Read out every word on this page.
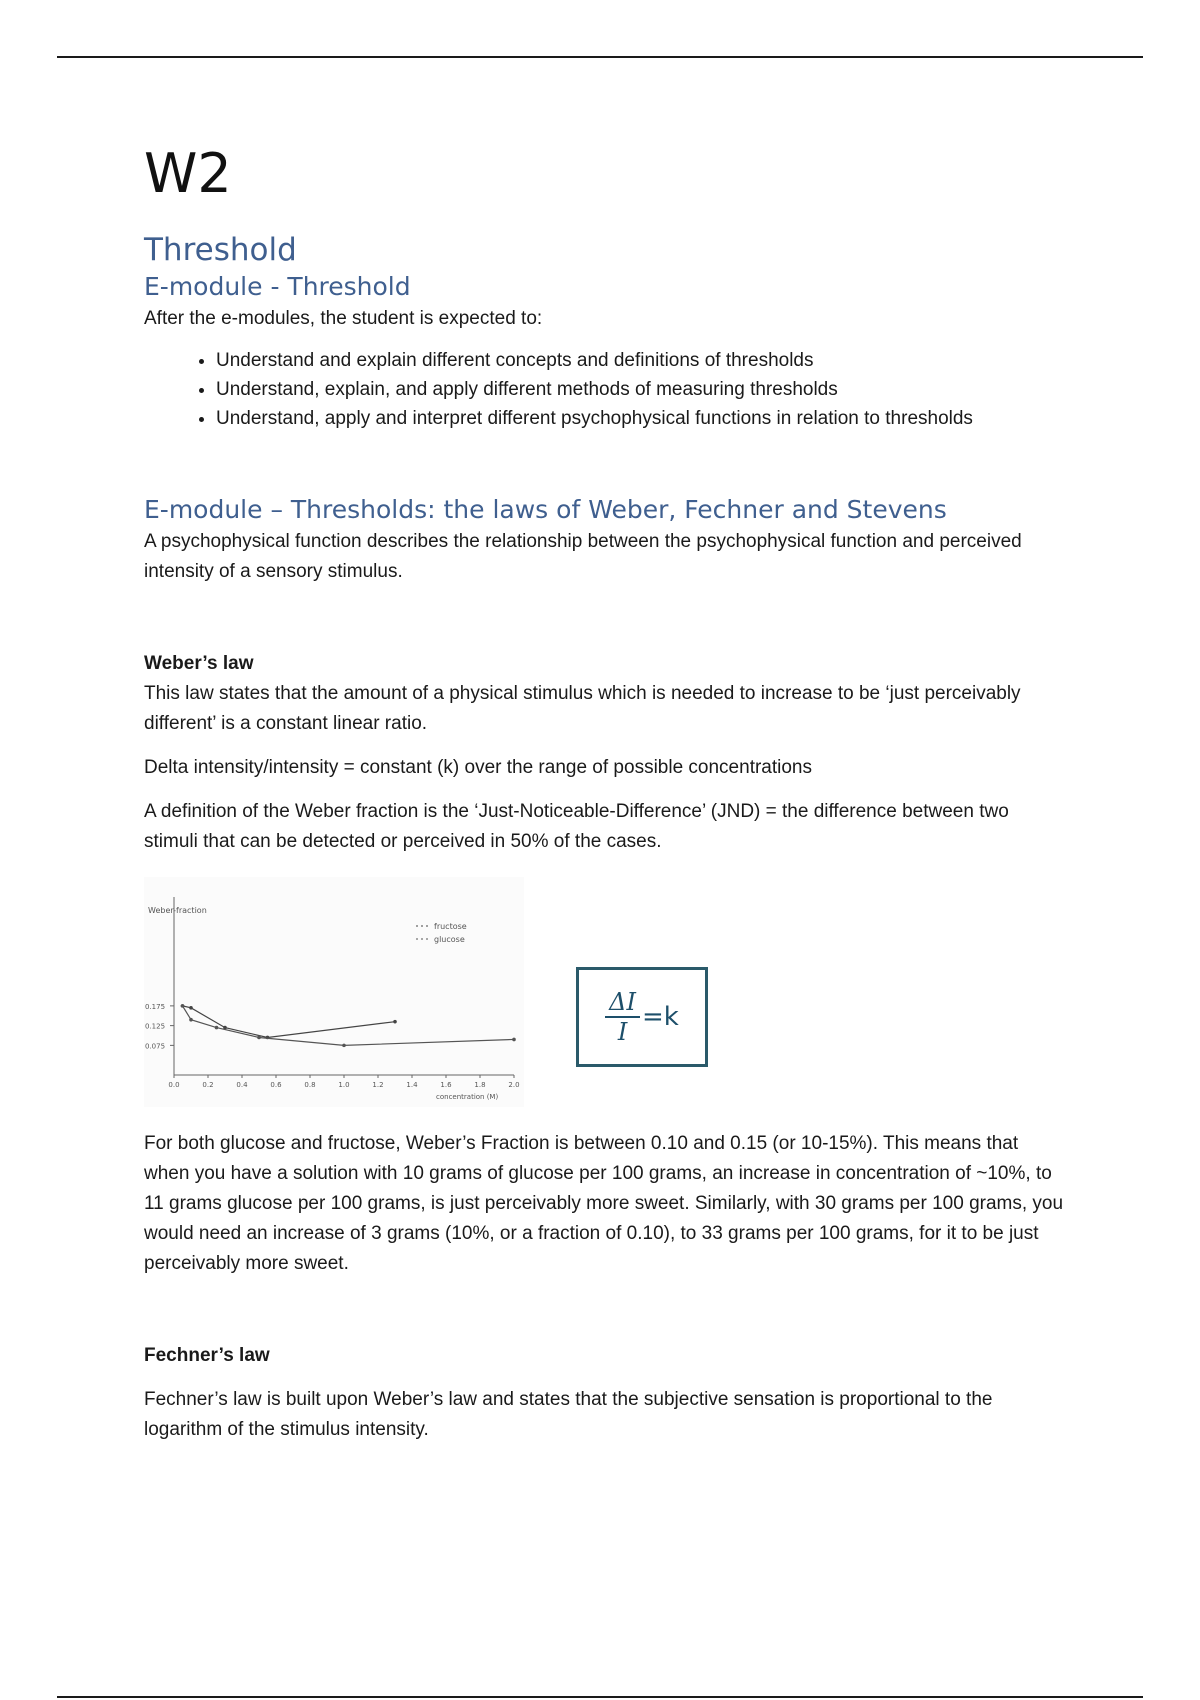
W2
Threshold
E-module - Threshold

After the e-modules, the student is expected to:

• Understand and explain different concepts and definitions of thresholds
• Understand, explain, and apply different methods of measuring thresholds
• Understand, apply and interpret different psychophysical functions in relation to thresholds
E-module – Thresholds: the laws of Weber, Fechner and Stevens

A psychophysical function describes the relationship between the psychophysical function and perceived intensity of a sensory stimulus.

Weber’s law

This law states that the amount of a physical stimulus which is needed to increase to be ‘just perceivably different’ is a constant linear ratio.

Delta intensity/intensity = constant (k) over the range of possible concentrations

A definition of the Weber fraction is the ‘Just-Noticeable-Difference’ (JND) = the difference between two stimuli that can be detected or perceived in 50% of the cases.

Weber-fraction
concentration (M)
0.175
0.125
0.075
0.0	0.2	0.4	0.6	0.8	1.0	1.2	1.4	1.6	1.8	2.0
fructose
glucose
$\frac{\Delta I}{I} =k$

For both glucose and fructose, Weber’s Fraction is between 0.10 and 0.15 (or 10-15%). This means that when you have a solution with 10 grams of glucose per 100 grams, an increase in concentration of ~10%, to 11 grams glucose per 100 grams, is just perceivably more sweet. Similarly, with 30 grams per 100 grams, you would need an increase of 3 grams (10%, or a fraction of 0.10), to 33 grams per 100 grams, for it to be just perceivably more sweet.

Fechner’s law

Fechner’s law is built upon Weber’s law and states that the subjective sensation is proportional to the logarithm of the stimulus intensity.
